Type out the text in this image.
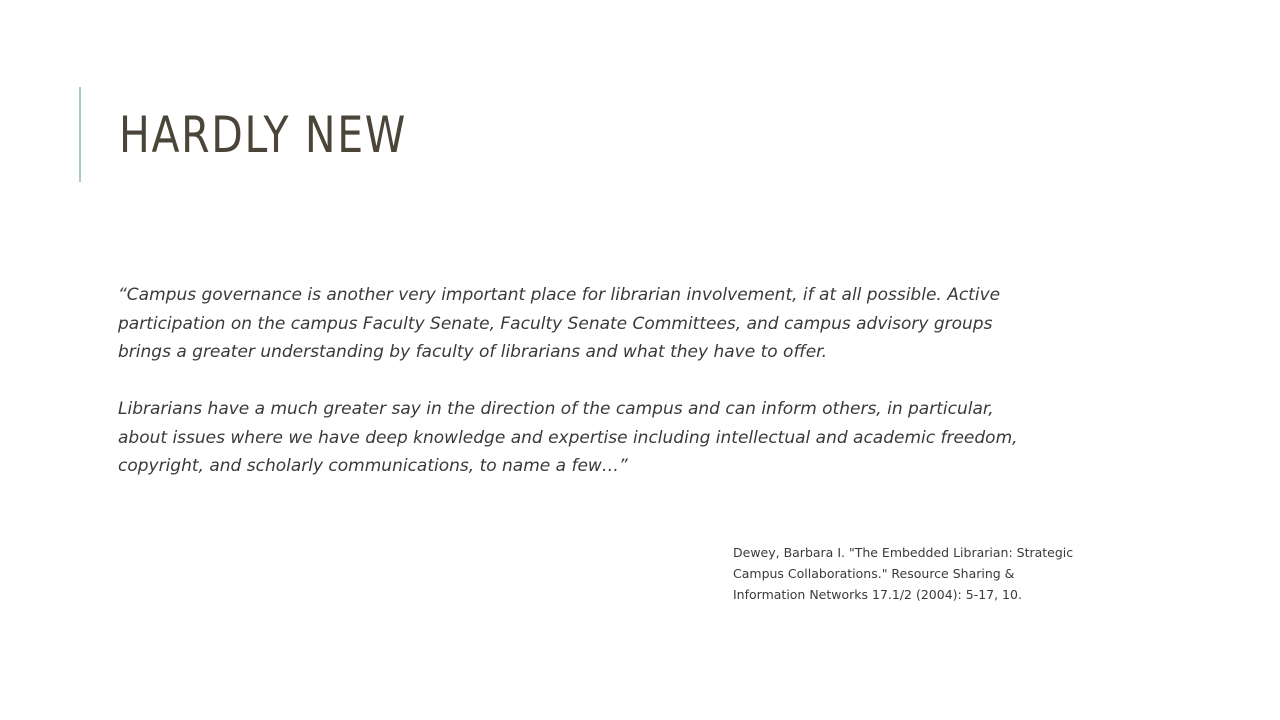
HARDLY NEW

“Campus governance is another very important place for librarian involvement, if at all possible. Active

participation on the campus Faculty Senate, Faculty Senate Committees, and campus advisory groups

brings a greater understanding by faculty of librarians and what they have to offer.

Librarians have a much greater say in the direction of the campus and can inform others, in particular,

about issues where we have deep knowledge and expertise including intellectual and academic freedom,

copyright, and scholarly communications, to name a few…”

Dewey, Barbara I. "The Embedded Librarian: Strategic

Campus Collaborations." Resource Sharing &

Information Networks 17.1/2 (2004): 5-17, 10.
